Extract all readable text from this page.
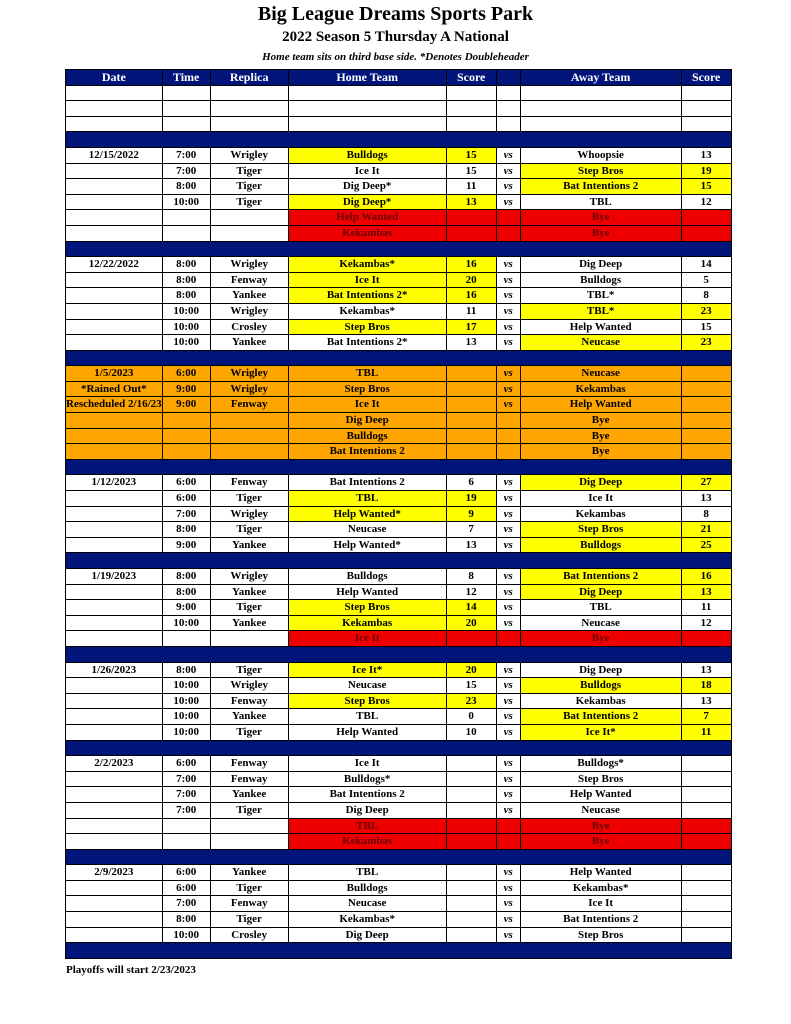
Big League Dreams Sports Park
2022 Season 5 Thursday A National
Home team sits on third base side. *Denotes Doubleheader
Date	Time	Replica	Home Team	Score		Away Team	Score

12/15/2022	7:00	Wrigley	Bulldogs	15	vs	Whoopsie	13
	7:00	Tiger	Ice It	15	vs	Step Bros	19
	8:00	Tiger	Dig Deep*	11	vs	Bat Intentions 2	15
	10:00	Tiger	Dig Deep*	13	vs	TBL	12
			Help Wanted			Bye	
			Kekambas			Bye	

12/22/2022	8:00	Wrigley	Kekambas*	16	vs	Dig Deep	14
	8:00	Fenway	Ice It	20	vs	Bulldogs	5
	8:00	Yankee	Bat Intentions 2*	16	vs	TBL*	8
	10:00	Wrigley	Kekambas*	11	vs	TBL*	23
	10:00	Crosley	Step Bros	17	vs	Help Wanted	15
	10:00	Yankee	Bat Intentions 2*	13	vs	Neucase	23

1/5/2023	6:00	Wrigley	TBL		vs	Neucase	
*Rained Out*	9:00	Wrigley	Step Bros		vs	Kekambas	
Rescheduled 2/16/23	9:00	Fenway	Ice It		vs	Help Wanted	
			Dig Deep			Bye	
			Bulldogs			Bye	
			Bat Intentions 2			Bye	

1/12/2023	6:00	Fenway	Bat Intentions 2	6	vs	Dig Deep	27
	6:00	Tiger	TBL	19	vs	Ice It	13
	7:00	Wrigley	Help Wanted*	9	vs	Kekambas	8
	8:00	Tiger	Neucase	7	vs	Step Bros	21
	9:00	Yankee	Help Wanted*	13	vs	Bulldogs	25

1/19/2023	8:00	Wrigley	Bulldogs	8	vs	Bat Intentions 2	16
	8:00	Yankee	Help Wanted	12	vs	Dig Deep	13
	9:00	Tiger	Step Bros	14	vs	TBL	11
	10:00	Yankee	Kekambas	20	vs	Neucase	12
			Ice It			Bye	

1/26/2023	8:00	Tiger	Ice It*	20	vs	Dig Deep	13
	10:00	Wrigley	Neucase	15	vs	Bulldogs	18
	10:00	Fenway	Step Bros	23	vs	Kekambas	13
	10:00	Yankee	TBL	0	vs	Bat Intentions 2	7
	10:00	Tiger	Help Wanted	10	vs	Ice It*	11

2/2/2023	6:00	Fenway	Ice It		vs	Bulldogs*	
	7:00	Fenway	Bulldogs*		vs	Step Bros	
	7:00	Yankee	Bat Intentions 2		vs	Help Wanted	
	7:00	Tiger	Dig Deep		vs	Neucase	
			TBL			Bye	
			Kekambas			Bye	

2/9/2023	6:00	Yankee	TBL		vs	Help Wanted	
	6:00	Tiger	Bulldogs		vs	Kekambas*	
	7:00	Fenway	Neucase		vs	Ice It	
	8:00	Tiger	Kekambas*		vs	Bat Intentions 2	
	10:00	Crosley	Dig Deep		vs	Step Bros	

Playoffs will start 2/23/2023
